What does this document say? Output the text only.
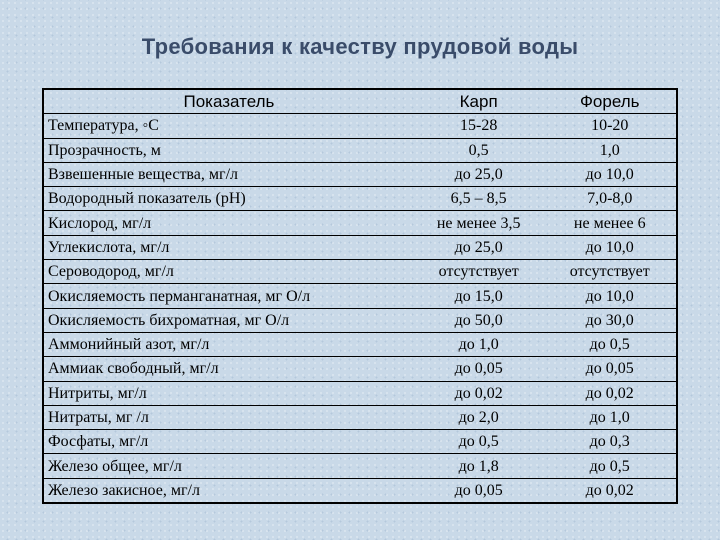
Требования к качеству прудовой воды
Показатель	Карп	Форель
Температура, ◦С	15-28	10-20
Прозрачность, м	0,5	1,0
Взвешенные вещества, мг/л	до 25,0	до 10,0
Водородный показатель (рН)	6,5 – 8,5	7,0-8,0
Кислород, мг/л	не менее 3,5	не менее 6
Углекислота, мг/л	до 25,0	до 10,0
Сероводород, мг/л	отсутствует	отсутствует
Окисляемость перманганатная, мг О/л	до 15,0	до 10,0
Окисляемость бихроматная, мг О/л	до 50,0	до 30,0
Аммонийный азот, мг/л	до 1,0	до 0,5
Аммиак свободный, мг/л	до 0,05	до 0,05
Нитриты, мг/л	до 0,02	до 0,02
Нитраты, мг /л	до 2,0	до 1,0
Фосфаты, мг/л	до 0,5	до 0,3
Железо общее, мг/л	до 1,8	до 0,5
Железо закисное, мг/л	до 0,05	до 0,02
